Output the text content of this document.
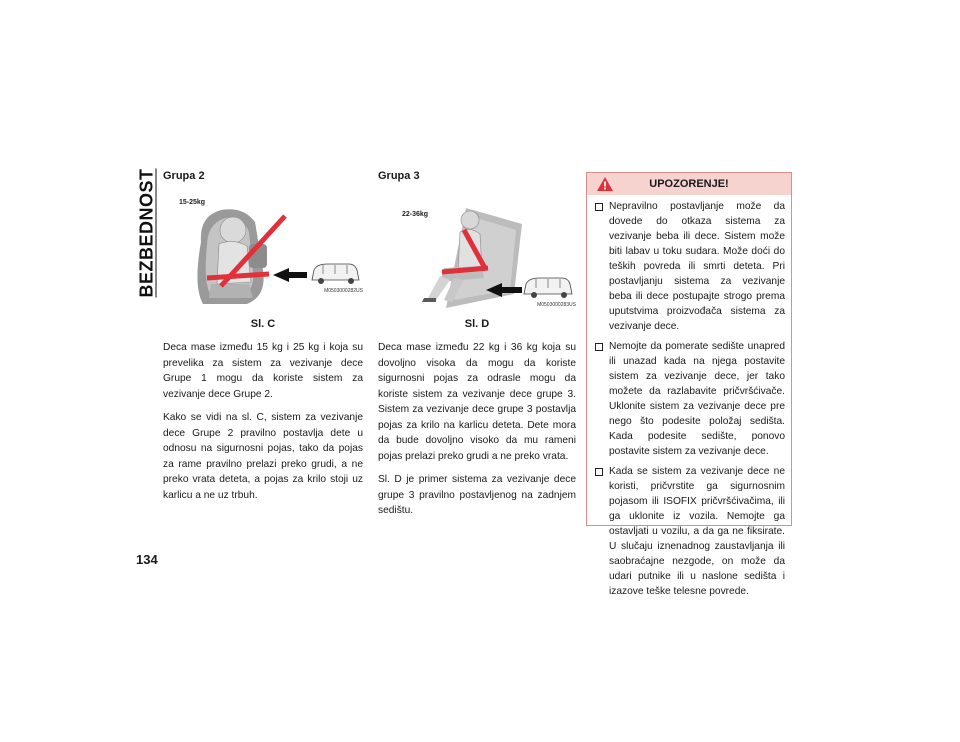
BEZBEDNOST Grupa 2
15-25kg
M0503000282US
Sl. C

Deca mase između 15 kg i 25 kg i koja su prevelika za sistem za vezivanje dece Grupe 1 mogu da koriste sistem za vezivanje dece Grupe 2.

Kako se vidi na sl. C, sistem za vezivanje dece Grupe 2 pravilno postavlja dete u odnosu na sigurnosni pojas, tako da pojas za rame pravilno prelazi preko grudi, a ne preko vrata deteta, a pojas za krilo stoji uz karlicu a ne uz trbuh.

Grupa 3
22-36kg
M0503000283US
Sl. D

Deca mase između 22 kg i 36 kg koja su dovoljno visoka da mogu da koriste sigurnosni pojas za odrasle mogu da koriste sistem za vezivanje dece grupe 3. Sistem za vezivanje dece grupe 3 postavlja pojas za krilo na karlicu deteta. Dete mora da bude dovoljno visoko da mu rameni pojas prelazi preko grudi a ne preko vrata.

Sl. D je primer sistema za vezivanje dece grupe 3 pravilno postavljenog na zadnjem sedištu.

UPOZORENJE!
Nepravilno postavljanje može da dovede do otkaza sistema za vezivanje beba ili dece. Sistem može biti labav u toku sudara. Može doći do teških povreda ili smrti deteta. Pri postavljanju sistema za vezivanje beba ili dece postupajte strogo prema uputstvima proizvođača sistema za vezivanje dece.
Nemojte da pomerate sedište unapred ili unazad kada na njega postavite sistem za vezivanje dece, jer tako možete da razlabavite pričvršćivače. Uklonite sistem za vezivanje dece pre nego što podesite položaj sedišta. Kada podesite sedište, ponovo postavite sistem za vezivanje dece.
Kada se sistem za vezivanje dece ne koristi, pričvrstite ga sigurnosnim pojasom ili ISOFIX pričvršćivačima, ili ga uklonite iz vozila. Nemojte ga ostavljati u vozilu, a da ga ne fiksirate. U slučaju iznenadnog zaustavljanja ili saobraćajne nezgode, on može da udari putnike ili u naslone sedišta i izazove teške telesne povrede.
134
